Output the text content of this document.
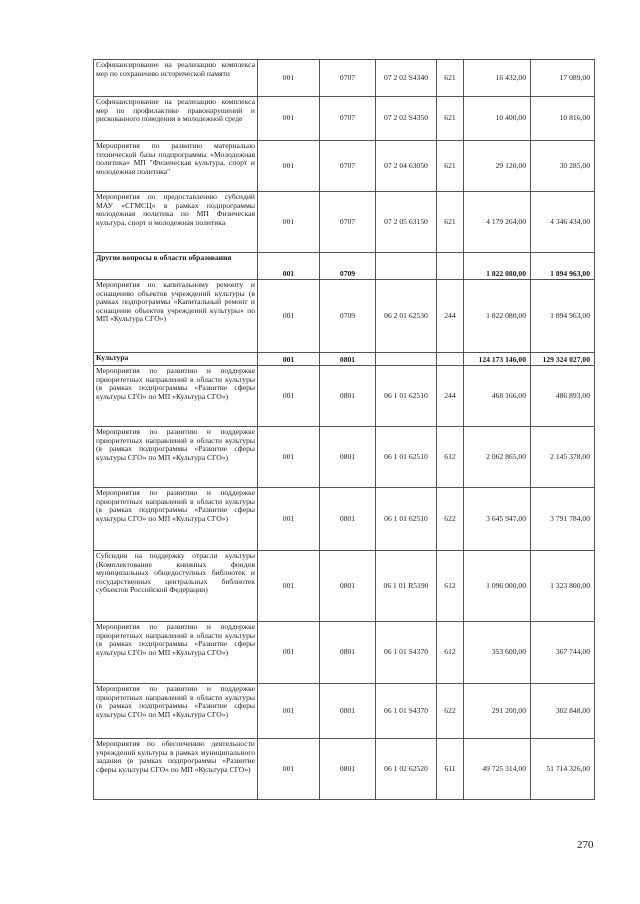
Софинансирование на реализацию комплекса мер по сохранению исторической памяти	001	0707	07 2 02 S4340	621	16 432,00	17 089,00
Софинансирование на реализацию комплекса мер по профилактике правонарушений и рискованного поведения в молодежной среде	001	0707	07 2 02 S4350	621	10 400,00	10 816,00
Мероприятия по развитию материально технической базы подпрограммы «Молодежная политика» МП "Физическая культура, спорт и молодежная политика"	001	0707	07 2 04 63050	621	29 120,00	30 285,00
Мероприятия по предоставлению субсидий МАУ «СГМСЦ» в рамках подпрограммы молодежная политика по МП Физическая культура, спорт и молодежная политика	001	0707	07 2 05 63150	621	4 179 264,00	4 346 434,00
Другие вопросы в области образования	001	0709			1 822 080,00	1 894 963,00
Мероприятия по капитальному ремонту и оснащению объектов учреждений культуры (в рамках подпрограммы «Капитальный ремонт и оснащение объектов учреждений культуры» по МП «Культура СГО»)	001	0709	06 2 01 62530	244	1 822 080,00	1 894 963,00
Культура	001	0801			124 173 146,00	129 324 027,00
Мероприятия по развитию и поддержке приоритетных направлений в области культуры (в рамках подпрограммы «Развитие сферы культуры СГО» по МП «Культура СГО»)	001	0801	06 1 01 62510	244	468 166,00	486 893,00
Мероприятия по развитию и поддержке приоритетных направлений в области культуры (в рамках подпрограммы «Развитие сферы культуры СГО» по МП «Культура СГО»)	001	0801	06 1 01 62510	612	2 062 865,00	2 145 378,00
Мероприятия по развитию и поддержке приоритетных направлений в области культуры (в рамках подпрограммы «Развитие сферы культуры СГО» по МП «Культура СГО»)	001	0801	06 1 01 62510	622	3 645 947,00	3 791 784,00
Субсидия на поддержку отрасли культуры (Комплектование книжных фондов муниципальных общедоступных библиотек и государственных центральных библиотек субъектов Российской Федерации)	001	0801	06 1 01 R5190	612	1 096 000,00	1 323 800,00
Мероприятия по развитию и поддержке приоритетных направлений в области культуры (в рамках подпрограммы «Развитие сферы культуры СГО» по МП «Культура СГО»)	001	0801	06 1 01 S4370	612	353 600,00	367 744,00
Мероприятия по развитию и поддержке приоритетных направлений в области культуры (в рамках подпрограммы «Развитие сферы культуры СГО» по МП «Культура СГО»)	001	0801	06 1 01 S4370	622	291 200,00	302 848,00
Мероприятия по обеспечению деятельности учреждений культуры в рамках муниципального задания (в рамках подпрограммы «Развитие сферы культуры СГО» по МП «Культура СГО»)	001	0801	06 1 02 62520	611	49 725 314,00	51 714 326,00
270
